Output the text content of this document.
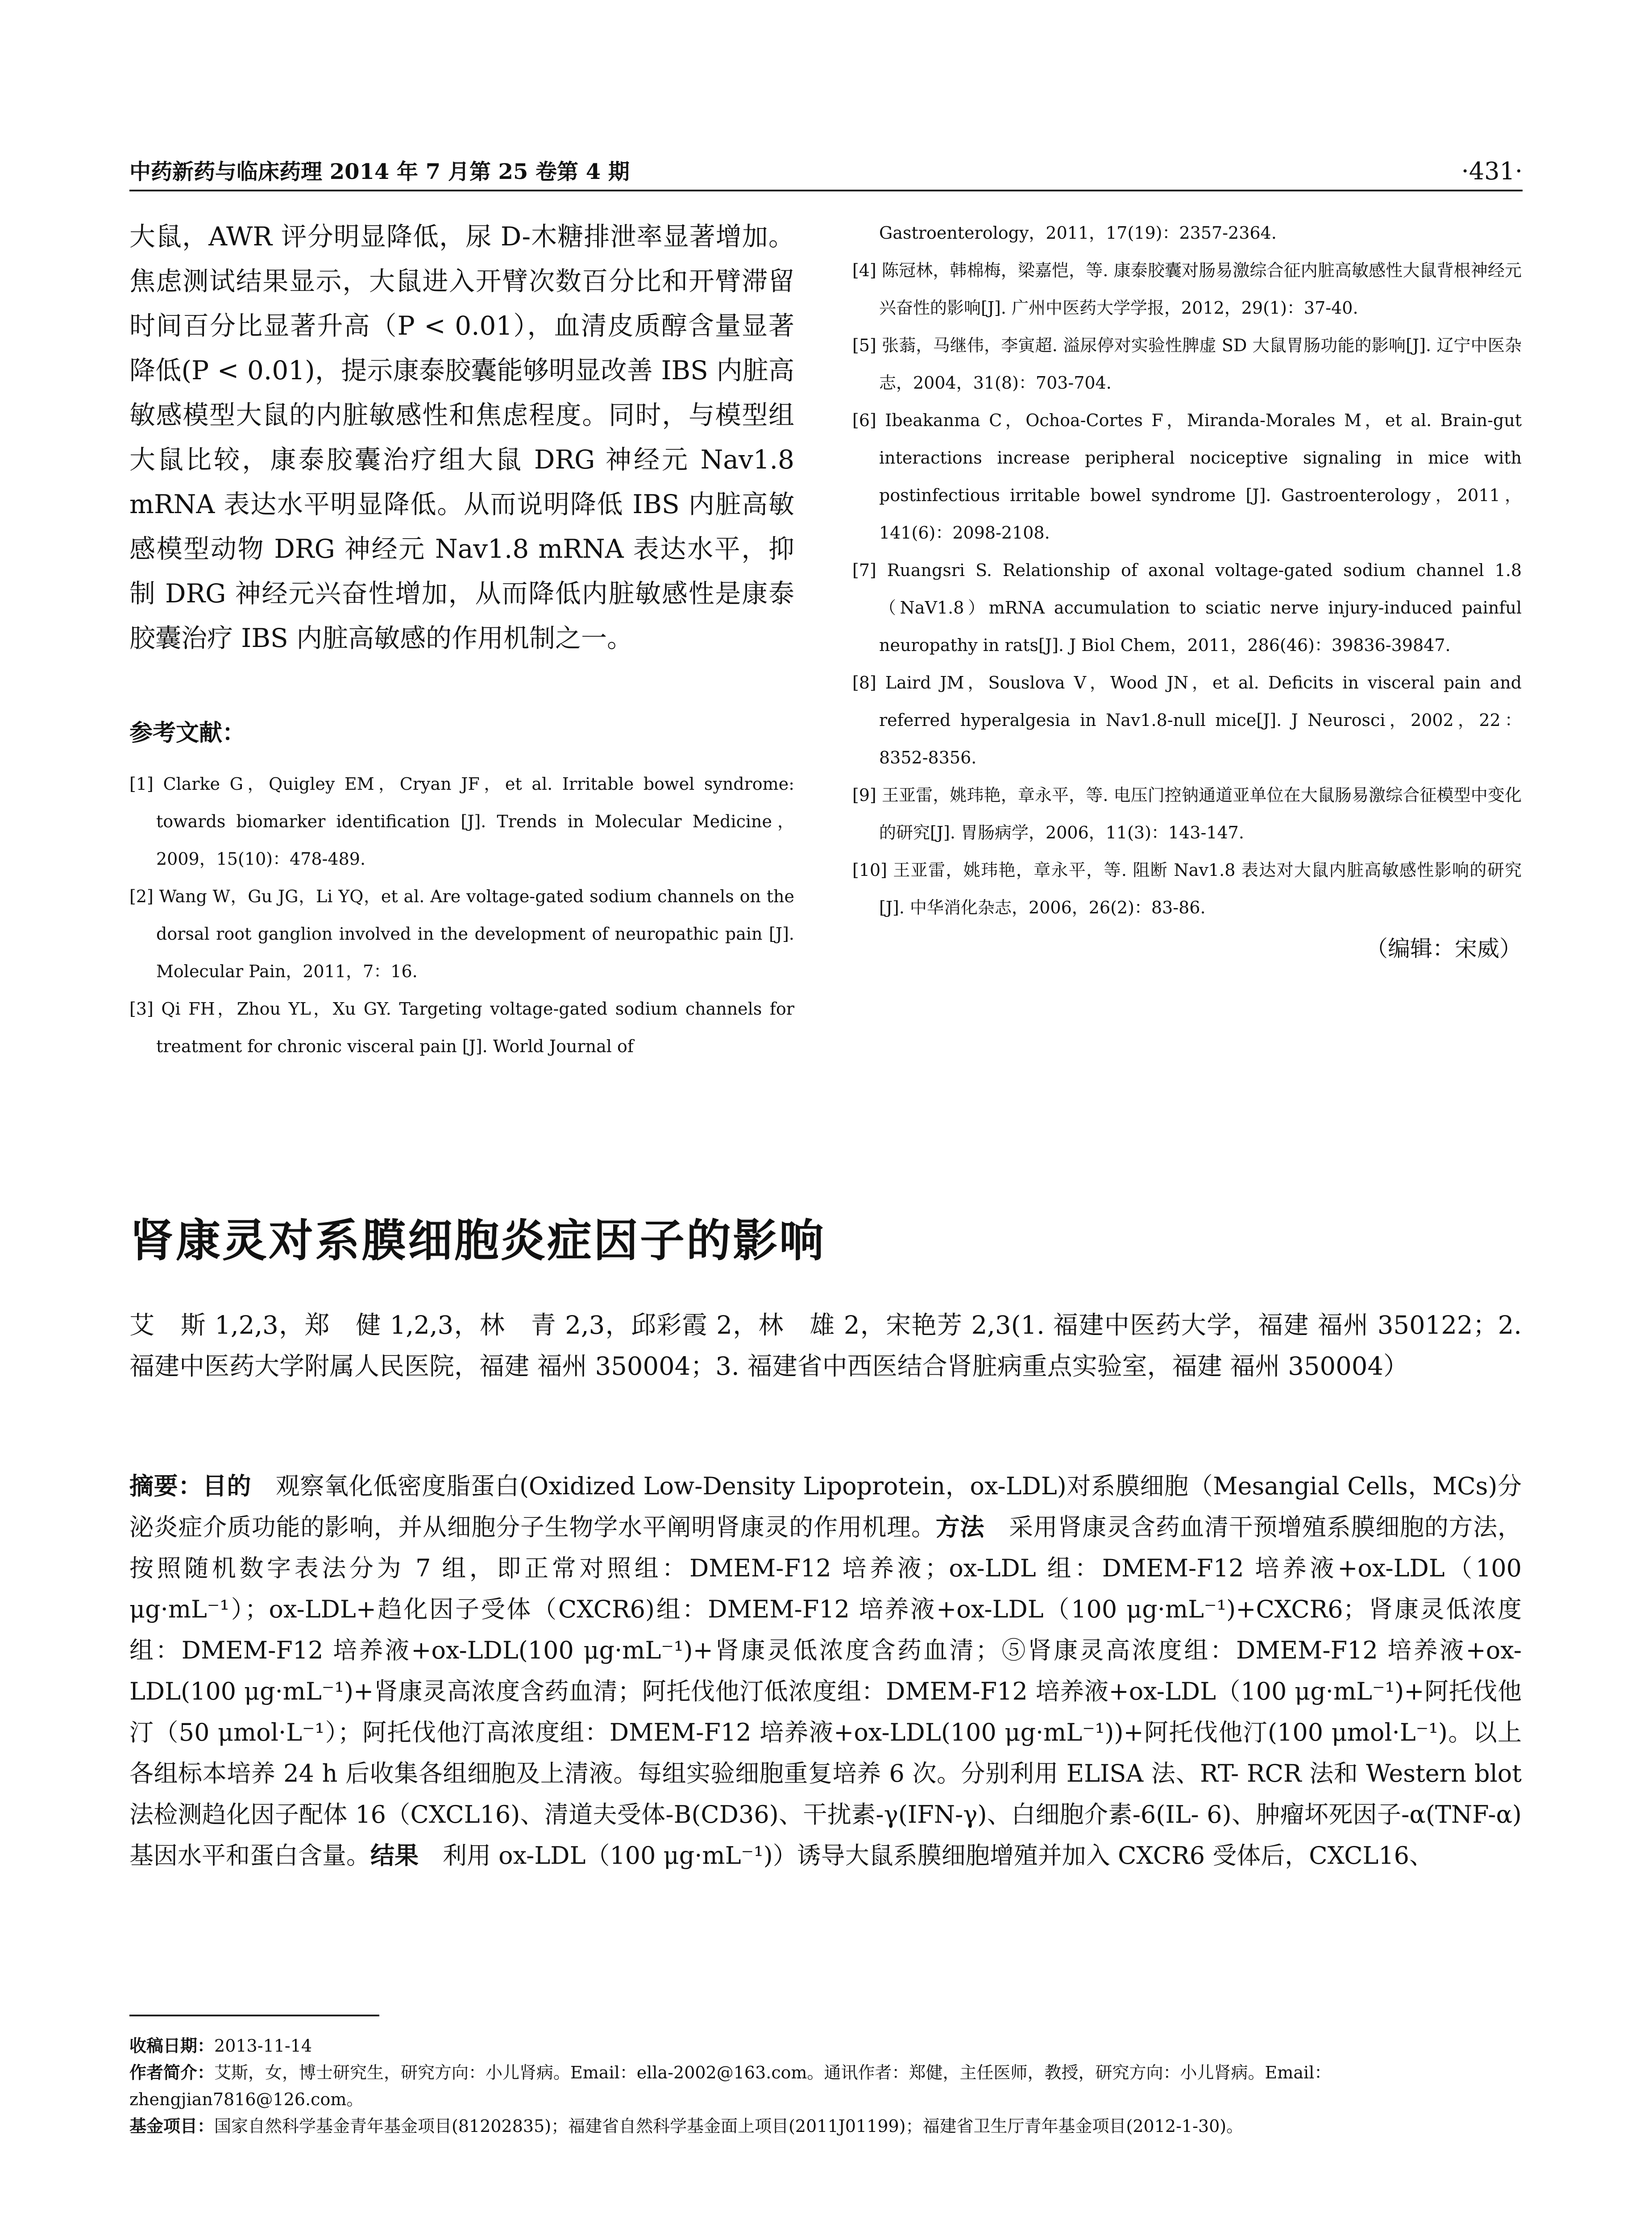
中药新药与临床药理 2014 年 7 月第 25 卷第 4 期	·431·

大鼠，AWR 评分明显降低，尿 D-木糖排泄率显著增加。焦虑测试结果显示，大鼠进入开臂次数百分比和开臂滞留时间百分比显著升高（P < 0.01），血清皮质醇含量显著降低(P < 0.01)，提示康泰胶囊能够明显改善 IBS 内脏高敏感模型大鼠的内脏敏感性和焦虑程度。同时，与模型组大鼠比较，康泰胶囊治疗组大鼠 DRG 神经元 Nav1.8 mRNA 表达水平明显降低。从而说明降低 IBS 内脏高敏感模型动物 DRG 神经元 Nav1.8 mRNA 表达水平，抑制 DRG 神经元兴奋性增加，从而降低内脏敏感性是康泰胶囊治疗 IBS 内脏高敏感的作用机制之一。

参考文献：

[1] Clarke G，Quigley EM，Cryan JF，et al. Irritable bowel syndrome: towards biomarker identification [J]. Trends in Molecular Medicine，2009，15(10)：478-489.

[2] Wang W，Gu JG，Li YQ，et al. Are voltage-gated sodium channels on the dorsal root ganglion involved in the development of neuropathic pain [J]. Molecular Pain，2011，7：16.

[3] Qi FH，Zhou YL，Xu GY. Targeting voltage-gated sodium channels for treatment for chronic visceral pain [J]. World Journal of

Gastroenterology，2011，17(19)：2357-2364.

[4] 陈冠林，韩棉梅，梁嘉恺，等. 康泰胶囊对肠易激综合征内脏高敏感性大鼠背根神经元兴奋性的影响[J]. 广州中医药大学学报，2012，29(1)：37-40.

[5] 张蓊，马继伟，李寅超. 溢尿停对实验性脾虚 SD 大鼠胃肠功能的影响[J]. 辽宁中医杂志，2004，31(8)：703-704.

[6] Ibeakanma C，Ochoa-Cortes F，Miranda-Morales M，et al. Brain-gut interactions increase peripheral nociceptive signaling in mice with postinfectious irritable bowel syndrome [J]. Gastroenterology，2011，141(6)：2098-2108.

[7] Ruangsri S. Relationship of axonal voltage-gated sodium channel 1.8（NaV1.8）mRNA accumulation to sciatic nerve injury-induced painful neuropathy in rats[J]. J Biol Chem，2011，286(46)：39836-39847.

[8] Laird JM，Souslova V，Wood JN，et al. Deficits in visceral pain and referred hyperalgesia in Nav1.8-null mice[J]. J Neurosci，2002，22：8352-8356.

[9] 王亚雷，姚玮艳，章永平，等. 电压门控钠通道亚单位在大鼠肠易激综合征模型中变化的研究[J]. 胃肠病学，2006，11(3)：143-147.

[10] 王亚雷，姚玮艳，章永平，等. 阻断 Nav1.8 表达对大鼠内脏高敏感性影响的研究[J]. 中华消化杂志，2006，26(2)：83-86.

（编辑：宋威）
肾康灵对系膜细胞炎症因子的影响
艾　斯 1,2,3，郑　健 1,2,3，林　青 2,3，邱彩霞 2，林　雄 2，宋艳芳 2,3(1. 福建中医药大学，福建 福州 350122；2. 福建中医药大学附属人民医院，福建 福州 350004；3. 福建省中西医结合肾脏病重点实验室，福建 福州 350004）
摘要：目的　 观察氧化低密度脂蛋白(Oxidized Low-Density Lipoprotein，ox-LDL)对系膜细胞（Mesangial Cells，MCs)分泌炎症介质功能的影响，并从细胞分子生物学水平阐明肾康灵的作用机理。方法　 采用肾康灵含药血清干预增殖系膜细胞的方法，按照随机数字表法分为 7 组，即正常对照组：DMEM-F12 培养液；ox-LDL 组：DMEM-F12 培养液+ox-LDL（100 μg·mL⁻¹）；ox-LDL+趋化因子受体（CXCR6)组：DMEM-F12 培养液+ox-LDL（100 μg·mL⁻¹)+CXCR6；肾康灵低浓度组：DMEM-F12 培养液+ox-LDL(100 μg·mL⁻¹)+肾康灵低浓度含药血清；⑤肾康灵高浓度组：DMEM-F12 培养液+ox-LDL(100 μg·mL⁻¹)+肾康灵高浓度含药血清；阿托伐他汀低浓度组：DMEM-F12 培养液+ox-LDL（100 μg·mL⁻¹)+阿托伐他汀（50 μmol·L⁻¹）；阿托伐他汀高浓度组：DMEM-F12 培养液+ox-LDL(100 μg·mL⁻¹))+阿托伐他汀(100 μmol·L⁻¹)。以上各组标本培养 24 h 后收集各组细胞及上清液。每组实验细胞重复培养 6 次。分别利用 ELISA 法、RT- RCR 法和 Western blot 法检测趋化因子配体 16（CXCL16)、清道夫受体-B(CD36)、干扰素-γ(IFN-γ)、白细胞介素-6(IL- 6)、肿瘤坏死因子-α(TNF-α)基因水平和蛋白含量。结果　 利用 ox-LDL（100 μg·mL⁻¹)）诱导大鼠系膜细胞增殖并加入 CXCR6 受体后，CXCL16、

收稿日期：2013-11-14

作者简介：艾斯，女，博士研究生，研究方向：小儿肾病。Email：ella-2002@163.com。通讯作者：郑健，主任医师，教授，研究方向：小儿肾病。Email：zhengjian7816@126.com。

基金项目：国家自然科学基金青年基金项目(81202835)；福建省自然科学基金面上项目(2011J01199)；福建省卫生厅青年基金项目(2012-1-30)。
